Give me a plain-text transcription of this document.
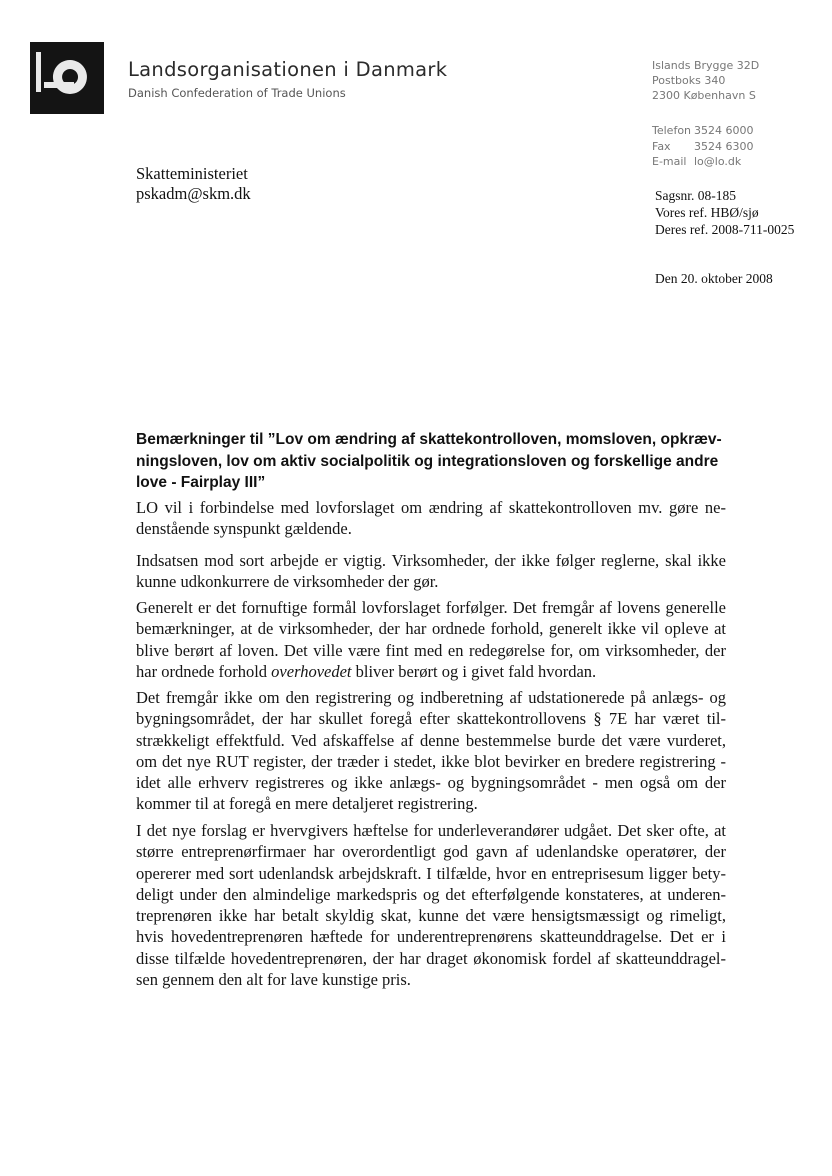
Landsorganisationen i Danmark
Danish Confederation of Trade Unions
Islands Brygge 32D
Postboks 340
2300 København S
Telefon 3524 6000
Fax 3524 6300
E-mail lo@lo.dk
Skatteministeriet
pskadm@skm.dk	Sagsnr. 08-185
Vores ref. HBØ/sjø
Deres ref. 2008-711-0025
Den 20. oktober 2008
Bemærkninger til ”Lov om ændring af skattekontrolloven, momsloven, opkræv-
ningsloven, lov om aktiv socialpolitik og integrationsloven og forskellige andre
love - Fairplay III”
LO vil i forbindelse med lovforslaget om ændring af skattekontrolloven mv. gøre ne-
denstående synspunkt gældende.
Indsatsen mod sort arbejde er vigtig. Virksomheder, der ikke følger reglerne, skal ikke
kunne udkonkurrere de virksomheder der gør.
Generelt er det fornuftige formål lovforslaget forfølger. Det fremgår af lovens generelle
bemærkninger, at de virksomheder, der har ordnede forhold, generelt ikke vil opleve at
blive berørt af loven. Det ville være fint med en redegørelse for, om virksomheder, der
har ordnede forhold overhovedet bliver berørt og i givet fald hvordan.
Det fremgår ikke om den registrering og indberetning af udstationerede på anlægs- og
bygningsområdet, der har skullet foregå efter skattekontrollovens § 7E har været til-
strækkeligt effektfuld. Ved afskaffelse af denne bestemmelse burde det være vurderet,
om det nye RUT register, der træder i stedet, ikke blot bevirker en bredere registrering -
idet alle erhverv registreres og ikke anlægs- og bygningsområdet - men også om der
kommer til at foregå en mere detaljeret registrering.
I det nye forslag er hvervgivers hæftelse for underleverandører udgået. Det sker ofte, at
større entreprenørfirmaer har overordentligt god gavn af udenlandske operatører, der
opererer med sort udenlandsk arbejdskraft. I tilfælde, hvor en entreprisesum ligger bety-
deligt under den almindelige markedspris og det efterfølgende konstateres, at underen-
treprenøren ikke har betalt skyldig skat, kunne det være hensigtsmæssigt og rimeligt,
hvis hovedentreprenøren hæftede for underentreprenørens skatteunddragelse. Det er i
disse tilfælde hovedentreprenøren, der har draget økonomisk fordel af skatteunddragel-
sen gennem den alt for lave kunstige pris.
